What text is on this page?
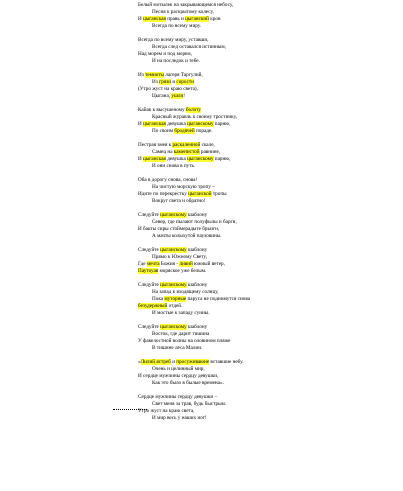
Белый мотылек на закрывающемся небосу,
Песня к раскрытому колесу,
И цыганская правь и цыганский кров
Всегда по всему миру.
Всегда по всему миру, уставши,
Всегда след оставался истинным,
Над морем и под морем,
И на последок и тебе.
Из темноты лагеря Таргулий,
Из грязи и сорости
(Утро жуст на краю света),
Цыгана, ушли!
Кайак к высушеному болоту
Красный журавль к своему тростнику,
И цыганская девушка цыганскому парню,
По своим бродячей пораде.
Пестрая змея к раскаленной скале,
Самец на каменистой равнине,
И цыганская девушка цыганскому парню,
И они снова в путь.
Оба в дорогу снова, снова!
На чистую морскую тропу –
Идите по перекрестку цыганской тропы
Вокруг света и обратно!
Следуйте цыганскому шаблону
Север, где пылают полуфылы и барги,
И бакты сиры стоймерадыте брызги,
А мачты колыхутой паузовины.
Следуйте цыганскому шаблону
Прямо к Южному Свету,
Где мечта Божия - ливий южный ветер,
Паутоуая моряское уже белым.
Следуйте цыганскому шаблону
На запад к входящему солнцу,
Пока муторные паруса не поднимутся снова
безудержный отдей.
И мостые к западу суины.
Следуйте цыганскому шаблону
Восток, где дарит тишина
У факелостной волны на оловином пляже
В тишине леса Малин.
«Лилий ястреб и просуживаюне вставшие небу.
Очень и целинный мир,
И сердце мужчины сердцу девушки,
Как это было в былые времена».
Сердце мужчины сердцу девушки –
Свет меня за трав, будь быстрым.
Утро жуст на краю света,
И мир весь у наших ног!
